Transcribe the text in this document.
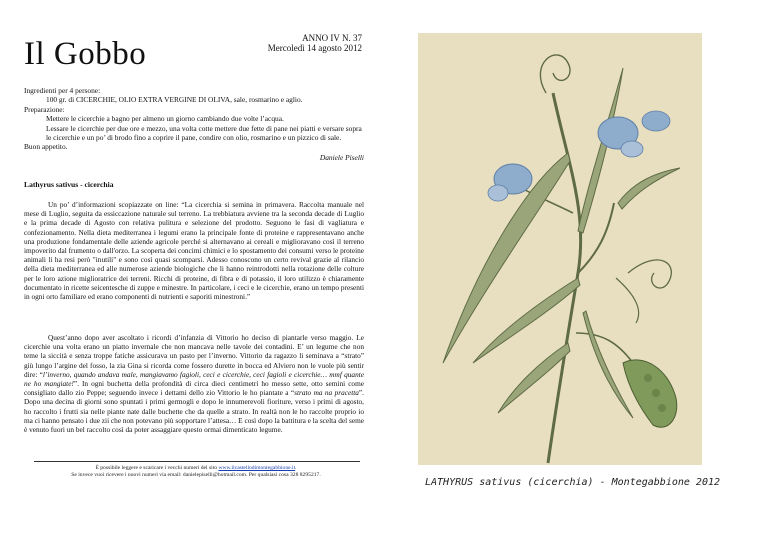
Il Gobbo	ANNO IV N. 37
Mercoledì 14 agosto 2012
Ingredienti per 4 persone:
100 gr. di CICERCHIE, OLIO EXTRA VERGINE DI OLIVA, sale, rosmarino e aglio.
Preparazione:
Mettere le cicerchie a bagno per almeno un giorno cambiando due volte l’acqua.
Lessare le cicerchie per due ore e mezzo, una volta cotte mettere due fette di pane nei piatti e versare sopra le cicerchie e un po’ di brodo fino a coprire il pane, condire con olio, rosmarino e un pizzico di sale.
Buon appetito.
Daniele Piselli
Lathyrus sativus - cicerchia

Un po’ d’informazioni scopiazzate on line: “La cicerchia si semina in primavera. Raccolta manuale nel mese di Luglio, seguita da essiccazione naturale sul terreno. La trebbiatura avviene tra la seconda decade di Luglio e la prima decade di Agosto con relativa pulitura e selezione del prodotto. Seguono le fasi di vagliatura e confezionamento. Nella dieta mediterranea i legumi erano la principale fonte di proteine e rappresentavano anche una produzione fondamentale delle aziende agricole perché si alternavano ai cereali e miglioravano così il terreno impoverito dal frumento o dall'orzo. La scoperta dei concimi chimici e lo spostamento dei consumi verso le proteine animali li ha resi però "inutili" e sono così quasi scomparsi. Adesso conoscono un certo revival grazie al rilancio della dieta mediterranea ed alle numerose aziende biologiche che li hanno reintrodotti nella rotazione delle colture per le loro azione miglioratrice dei terreni. Ricchi di proteine, di fibra e di potassio, il loro utilizzo è chiaramente documentato in ricette seicentesche di zuppe e minestre. In particolare, i ceci e le cicerchie, erano un tempo presenti in ogni orto familiare ed erano componenti di nutrienti e saporiti minestroni.”

Quest’anno dopo aver ascoltato i ricordi d’infanzia di Vittorio ho deciso di piantarle verso maggio. Le cicerchie una volta erano un piatto invernale che non mancava nelle tavole dei contadini. E’ un legume che non teme la siccità e senza troppe fatiche assicurava un pasto per l’inverno. Vittorio da ragazzo li seminava a “strato” giù lungo l’argine del fosso, la zia Gina si ricorda come fossero durette in bocca ed Alviero non le vuole più sentir dire: “l’inverno, quando andava male, mangiavamo fagioli, ceci e cicerchie, ceci fagioli e cicerchie… mmf quante ne ho mangiate!”. In ogni buchetta della profondità di circa dieci centimetri ho messo sette, otto semini come consigliato dallo zio Peppe; seguendo invece i dettami dello zio Vittorio le ho piantate a “strato ma na pracetta”. Dopo una decina di giorni sono spuntati i primi germogli e dopo le innumerevoli fioriture, verso i primi di agosto, ho raccolto i frutti sia nelle piante nate dalle buchette che da quelle a strato. In realtà non le ho raccolte proprio io ma ci hanno pensato i due zii che non potevano più sopportare l’attesa… E così dopo la battitura e la scelta del seme è venuto fuori un bel raccolto così da poter assaggiare questo ormai dimenticato legume.

È possibile leggere e scaricare i vecchi numeri del sito www.ilcastellodimontegabbione.it.
Se invece vuoi ricevere i nuovi numeri via email: danielepiselli@hotmail.com. Per qualsiasi cosa 328 8295217.
LATHYRUS sativus (cicerchia) - Montegabbione 2012
